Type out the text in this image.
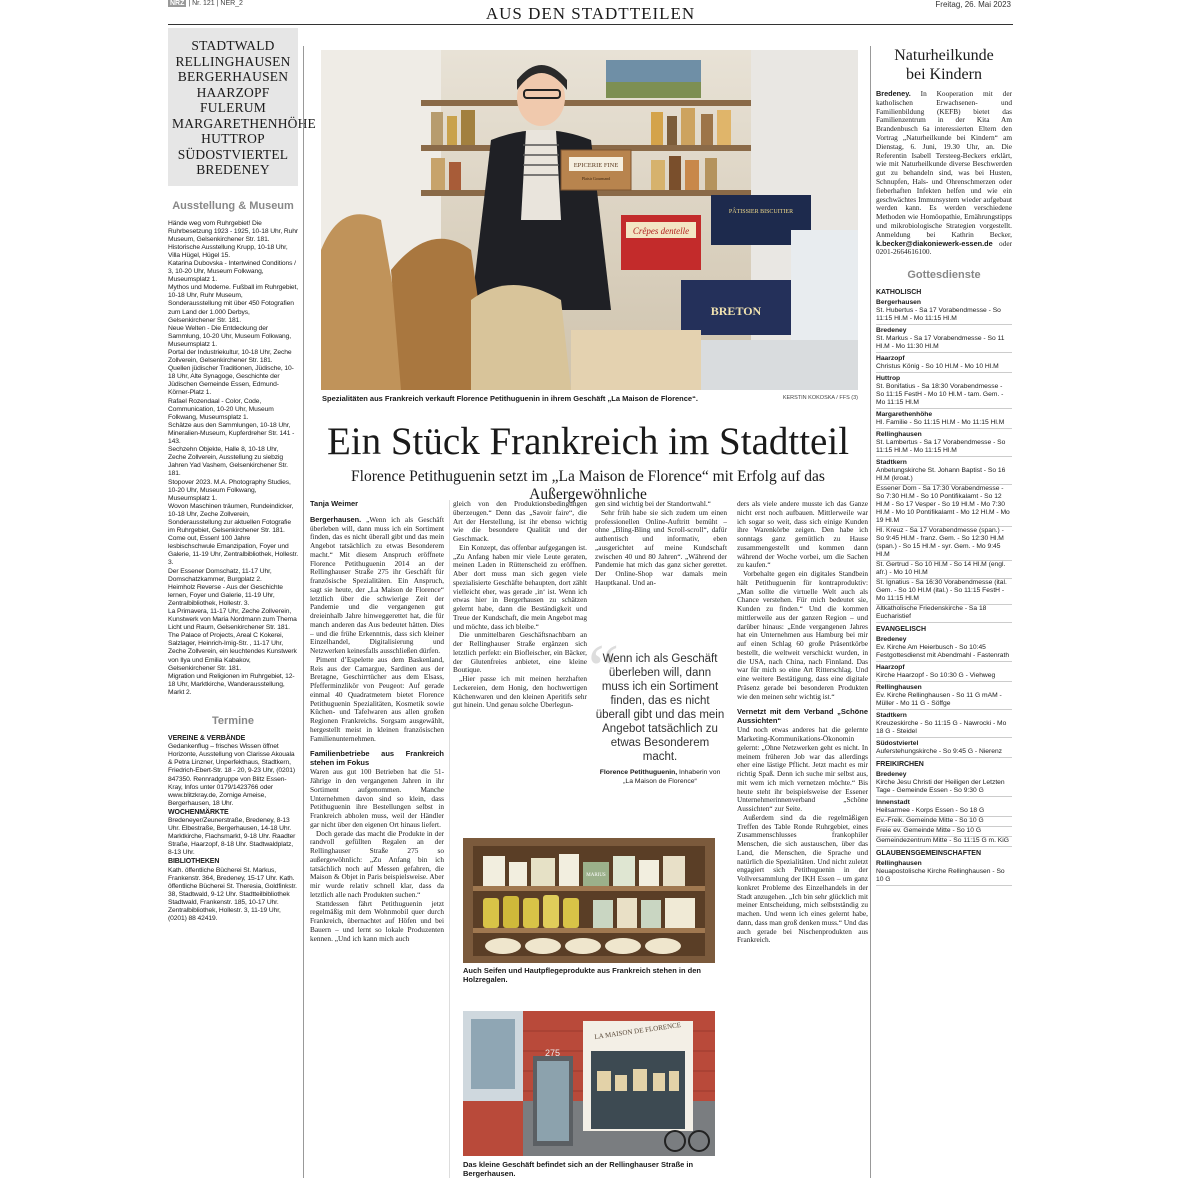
NRZ | Nr. 121 | NER_2
AUS DEN STADTTEILEN	Freitag, 26. Mai 2023
STADTWALD
RELLINGHAUSEN
BERGERHAUSEN
HAARZOPF
FULERUM
MARGARETHENHÖHE
HUTTROP
SÜDOSTVIERTEL
BREDENEY
Ausstellung & Museum

Hände weg vom Ruhrgebiet! Die Ruhrbesetzung 1923 - 1925, 10-18 Uhr, Ruhr Museum, Gelsenkirchener Str. 181.

Historische Ausstellung Krupp, 10-18 Uhr, Villa Hügel, Hügel 15.

Katarina Dubovska - Intertwined Conditions / 3, 10-20 Uhr, Museum Folkwang, Museumsplatz 1.

Mythos und Moderne. Fußball im Ruhrgebiet, 10-18 Uhr, Ruhr Museum, Sonderausstellung mit über 450 Fotografien zum Land der 1.000 Derbys, Gelsenkirchener Str. 181.

Neue Welten - Die Entdeckung der Sammlung, 10-20 Uhr, Museum Folkwang, Museumsplatz 1.

Portal der Industriekultur, 10-18 Uhr, Zeche Zollverein, Gelsenkirchener Str. 181.

Quellen jüdischer Traditionen, Jüdische, 10-18 Uhr, Alte Synagoge, Geschichte der Jüdischen Gemeinde Essen, Edmund-Körner-Platz 1.

Rafael Rozendaal - Color, Code, Communication, 10-20 Uhr, Museum Folkwang, Museumsplatz 1.

Schätze aus den Sammlungen, 10-18 Uhr, Mineralien-Museum, Kupferdreher Str. 141 - 143.

Sechzehn Objekte, Halle 8, 10-18 Uhr, Zeche Zollverein, Ausstellung zu siebzig Jahren Yad Vashem, Gelsenkirchener Str. 181.

Stopover 2023. M.A. Photography Studies, 10-20 Uhr, Museum Folkwang, Museumsplatz 1.

Wovon Maschinen träumen, Rundeindicker, 10-18 Uhr, Zeche Zollverein, Sonderausstellung zur aktuellen Fotografie im Ruhrgebiet, Gelsenkirchener Str. 181.

Come out, Essen! 100 Jahre lesbischschwule Emanzipation, Foyer und Galerie, 11-19 Uhr, Zentralbibliothek, Hollestr. 3.

Der Essener Domschatz, 11-17 Uhr, Domschatzkammer, Burgplatz 2.

Heimholz Reverse - Aus der Geschichte lernen, Foyer und Galerie, 11-19 Uhr, Zentralbibliothek, Hollestr. 3.

La Primavera, 11-17 Uhr, Zeche Zollverein, Kunstwerk von Maria Nordmann zum Thema Licht und Raum, Gelsenkirchener Str. 181.

The Palace of Projects, Areal C Kokerei, Salzlager, Heinrich-Imig-Str. , 11-17 Uhr, Zeche Zollverein, ein leuchtendes Kunstwerk von Ilya und Emilia Kabakov, Gelsenkirchener Str. 181.

Migration und Religionen im Ruhrgebiet, 12-18 Uhr, Marktkirche, Wanderausstellung, Markt 2.

Termine
VEREINE & VERBÄNDE

Gedankenflug – frisches Wissen öffnet Horizonte, Ausstellung von Clarisse Akouala & Petra Linzner, Unperfekthaus, Stadtkern, Friedrich-Ebert-Str. 18 - 20, 9-23 Uhr, (0201) 847350. Rennradgruppe von Blitz Essen-Kray, Infos unter 0179/1423766 oder www.blitzkray.de, Zornige Ameise, Bergerhausen, 18 Uhr.

WOCHENMÄRKTE

Bredeneyer/Zeunerstraße, Bredeney, 8-13 Uhr. Elbestraße, Bergerhausen, 14-18 Uhr. Marktkirche, Flachsmarkt, 9-18 Uhr. Raadter Straße, Haarzopf, 8-18 Uhr. Stadtwaldplatz, 8-13 Uhr.

BIBLIOTHEKEN

Kath. öffentliche Bücherei St. Markus, Frankenstr. 364, Bredeney, 15-17 Uhr. Kath. öffentliche Bücherei St. Theresia, Goldfinkstr. 38, Stadtwald, 9-12 Uhr. Stadtteilbibliothek Stadtwald, Frankenstr. 185, 10-17 Uhr. Zentralbibliothek, Hollestr. 3, 11-19 Uhr, (0201) 88 42419.

EPICERIE FINE
Plaisir Gourmand
Crêpes dentelle
PÂTISSIER BISCUITIER
BRETON
Spezialitäten aus Frankreich verkauft Florence Petithuguenin in ihrem Geschäft „La Maison de Florence“.	KERSTIN KOKOSKA / FFS (3)
Ein Stück Frankreich im Stadtteil
Florence Petithuguenin setzt im „La Maison de Florence“ mit Erfolg auf das Außergewöhnliche
Tanja Weimer

Bergerhausen. „Wenn ich als Geschäft überleben will, dann muss ich ein Sortiment finden, das es nicht überall gibt und das mein Angebot tatsächlich zu etwas Besonderem macht.“ Mit diesem Anspruch eröffnete Florence Petithuguenin 2014 an der Rellinghauser Straße 275 ihr Geschäft für französische Spezialitäten. Ein Anspruch, sagt sie heute, der „La Maison de Florence“ letztlich über die schwierige Zeit der Pandemie und die vergangenen gut dreieinhalb Jahre hinweggerettet hat, die für manch anderen das Aus bedeutet hätten. Dies – und die frühe Erkenntnis, dass sich kleiner Einzelhandel, Digitalisierung und Netzwerken keinesfalls ausschließen dürfen.

Piment d’Espelette aus dem Baskenland, Reis aus der Camargue, Sardinen aus der Bretagne, Geschirrtücher aus dem Elsass, Pfefferminzlikör von Peugeot: Auf gerade einmal 40 Quadratmetern bietet Florence Petithuguenin Spezialitäten, Kosmetik sowie Küchen- und Tafelwaren aus allen großen Regionen Frankreichs. Sorgsam ausgewählt, hergestellt meist in kleinen französischen Familienunternehmen.

Familienbetriebe aus Frankreich stehen im Fokus

Waren aus gut 100 Betrieben hat die 51-Jährige in den vergangenen Jahren in ihr Sortiment aufgenommen. Manche Unternehmen davon sind so klein, dass Petithuguenin ihre Bestellungen selbst in Frankreich abholen muss, weil der Händler gar nicht über den eigenen Ort hinaus liefert.

Doch gerade das macht die Produkte in der randvoll gefüllten Regalen an der Rellinghauser Straße 275 so außergewöhnlich: „Zu Anfang bin ich tatsächlich noch auf Messen gefahren, die Maison & Objet in Paris beispielsweise. Aber mir wurde relativ schnell klar, dass da letztlich alle nach Produkten suchen.“

Stattdessen fährt Petithuguenin jetzt regelmäßig mit dem Wohnmobil quer durch Frankreich, übernachtet auf Höfen und bei Bauern – und lernt so lokale Produzenten kennen. „Und ich kann mich auch

gleich von den Produktionsbedingungen überzeugen.“ Denn das „Savoir faire“, die Art der Herstellung, ist ihr ebenso wichtig wie die besondere Qualität und der Geschmack.

Ein Konzept, das offenbar aufgegangen ist. „Zu Anfang haben mir viele Leute geraten, meinen Laden in Rüttenscheid zu eröffnen. Aber dort muss man sich gegen viele spezialisierte Geschäfte behaupten, dort zählt vielleicht eher, was gerade ‚in‘ ist. Wenn ich etwas hier in Bergerhausen zu schätzen gelernt habe, dann die Beständigkeit und Treue der Kundschaft, die mein Angebot mag und möchte, dass ich bleibe.“

Die unmittelbaren Geschäftsnachbarn an der Rellinghauser Straße ergänzen sich letztlich perfekt: ein Biofleischer, ein Bäcker, der Glutenfreies anbietet, eine kleine Boutique.

„Hier passe ich mit meinen herzhaften Leckereien, dem Honig, den hochwertigen Küchenwaren und den kleinen Aperitifs sehr gut hinein. Und genau solche Überlegun-

gen sind wichtig bei der Standortwahl.“

Sehr früh habe sie sich zudem um einen professionellen Online-Auftritt bemüht – ohne „Bling-Bling und Scroll-scroll“, dafür authentisch und informativ, eben „ausgerichtet auf meine Kundschaft zwischen 40 und 80 Jahren“. „Während der Pandemie hat mich das ganz sicher gerettet. Der Online-Shop war damals mein Hauptkanal. Und an-

“
Wenn ich als Geschäft überleben will, dann muss ich ein Sortiment finden, das es nicht überall gibt und das mein Angebot tatsächlich zu etwas Besonderem macht.
Florence Petithuguenin, Inhaberin von „La Maison de Florence“

ders als viele andere musste ich das Ganze nicht erst noch aufbauen. Mittlerweile war ich sogar so weit, dass sich einige Kunden ihre Warenkörbe zeigen. Den habe ich sonntags ganz gemütlich zu Hause zusammengestellt und kommen dann während der Woche vorbei, um die Sachen zu kaufen.“

Vorbehalte gegen ein digitales Standbein hält Petithuguenin für kontraproduktiv: „Man sollte die virtuelle Welt auch als Chance verstehen. Für mich bedeutet sie, Kunden zu finden.“ Und die kommen mittlerweile aus der ganzen Region – und darüber hinaus: „Ende vergangenen Jahres hat ein Unternehmen aus Hamburg bei mir auf einen Schlag 60 große Präsentkörbe bestellt, die weltweit verschickt wurden, in die USA, nach China, nach Finnland. Das war für mich so eine Art Ritterschlag. Und eine weitere Bestätigung, dass eine digitale Präsenz gerade bei besonderen Produkten wie den meinen sehr wichtig ist.“

Vernetzt mit dem Verband „Schöne Aussichten“

Und noch etwas anderes hat die gelernte Marketing-Kommunikations-Ökonomin gelernt: „Ohne Netzwerken geht es nicht. In meinem früheren Job war das allerdings eher eine lästige Pflicht. Jetzt macht es mir richtig Spaß. Denn ich suche mir selbst aus, mit wem ich mich vernetzen möchte.“ Bis heute steht ihr beispielsweise der Essener Unternehmerinnenverband „Schöne Aussichten“ zur Seite.

Außerdem sind da die regelmäßigen Treffen des Table Ronde Ruhrgebiet, eines Zusammenschlusses frankophiler Menschen, die sich austauschen, über das Land, die Menschen, die Sprache und natürlich die Spezialitäten. Und nicht zuletzt engagiert sich Petithuguenin in der Vollversammlung der IKH Essen – um ganz konkret Probleme des Einzelhandels in der Stadt anzugehen. „Ich bin sehr glücklich mit meiner Entscheidung, mich selbstständig zu machen. Und wenn ich eines gelernt habe, dann, dass man groß denken muss.“ Und das auch gerade bei Nischenprodukten aus Frankreich.

MARIUS
Auch Seifen und Hautpflegeprodukte aus Frankreich stehen in den Holzregalen.
LA MAISON DE FLORENCE
275
Das kleine Geschäft befindet sich an der Rellinghauser Straße in Bergerhausen.
Naturheilkunde
bei Kindern
Bredeney. In Kooperation mit der katholischen Erwachsenen- und Familienbildung (KEFB) bietet das Familienzentrum in der Kita Am Brandenbusch 6a interessierten Eltern den Vortrag „Naturheilkunde bei Kindern“ am Dienstag, 6. Juni, 19.30 Uhr, an. Die Referentin Isabell Tersteeg-Beckers erklärt, wie mit Naturheilkunde diverse Beschwerden gut zu behandeln sind, was bei Husten, Schnupfen, Hals- und Ohrenschmerzen oder fieberhaften Infekten helfen und wie ein geschwächtes Immunsystem wieder aufgebaut werden kann. Es werden verschiedene Methoden wie Homöopathie, Ernährungstipps und mikrobiologische Strategien vorgestellt. Anmeldung bei Kathrin Becker, k.becker@diakoniewerk-essen.de oder 0201-2664616100.
Gottesdienste
KATHOLISCH
Bergerhausen
St. Hubertus - Sa 17 Vorabendmesse - So 11:15 Hl.M - Mo 11:15 Hl.M
Bredeney
St. Markus - Sa 17 Vorabendmesse - So 11 Hl.M - Mo 11:30 Hl.M
Haarzopf
Christus König - So 10 Hl.M - Mo 10 Hl.M
Huttrop
St. Bonifatius - Sa 18:30 Vorabendmesse - So 11:15 FestH - Mo 10 Hl.M - tam. Gem. - Mo 11:15 Hl.M
Margarethenhöhe
Hl. Familie - So 11:15 Hl.M - Mo 11:15 Hl.M
Rellinghausen
St. Lambertus - Sa 17 Vorabendmesse - So 11:15 Hl.M - Mo 11:15 Hl.M
Stadtkern
Anbetungskirche St. Johann Baptist - So 16 Hl.M (kroat.)
Essener Dom - Sa 17:30 Vorabendmesse - So 7:30 Hl.M - So 10 Pontifikalamt - So 12 Hl.M - So 17 Vesper - So 19 Hl.M - Mo 7:30 Hl.M - Mo 10 Pontifikalamt - Mo 12 Hl.M - Mo 19 Hl.M
Hl. Kreuz - Sa 17 Vorabendmesse (span.) - So 9:45 Hl.M - franz. Gem. - So 12:30 Hl.M (span.) - So 15 Hl.M - syr. Gem. - Mo 9:45 Hl.M
St. Gertrud - So 10 Hl.M - So 14 Hl.M (engl. afr.) - Mo 10 Hl.M
St. Ignatius - Sa 16:30 Vorabendmesse (ital. Gem. - So 10 Hl.M (ital.) - So 11:15 FestH - Mo 11:15 Hl.M
Altkatholische Friedenskirche - Sa 18 Eucharistief
EVANGELISCH
Bredeney
Ev. Kirche Am Heierbusch - So 10:45 Festgottesdienst mit Abendmahl - Fastenrath
Haarzopf
Kirche Haarzopf - So 10:30 G - Viehweg
Rellinghausen
Ev. Kirche Rellinghausen - So 11 G mAM - Müller - Mo 11 G - Söffge
Stadtkern
Kreuzeskirche - So 11:15 G - Nawrocki - Mo 18 G - Steidel
Südostviertel
Auferstehungskirche - So 9:45 G - Nierenz
FREIKIRCHEN
Bredeney
Kirche Jesu Christi der Heiligen der Letzten Tage - Gemeinde Essen - So 9:30 G
Innenstadt
Heilsarmee - Korps Essen - So 18 G
Ev.-Freik. Gemeinde Mitte - So 10 G
Freie ev. Gemeinde Mitte - So 10 G
Gemeindezentrum Mitte - So 11:15 G m. KiG
GLAUBENSGEMEINSCHAFTEN
Rellinghausen
Neuapostolische Kirche Rellinghausen - So 10 G
